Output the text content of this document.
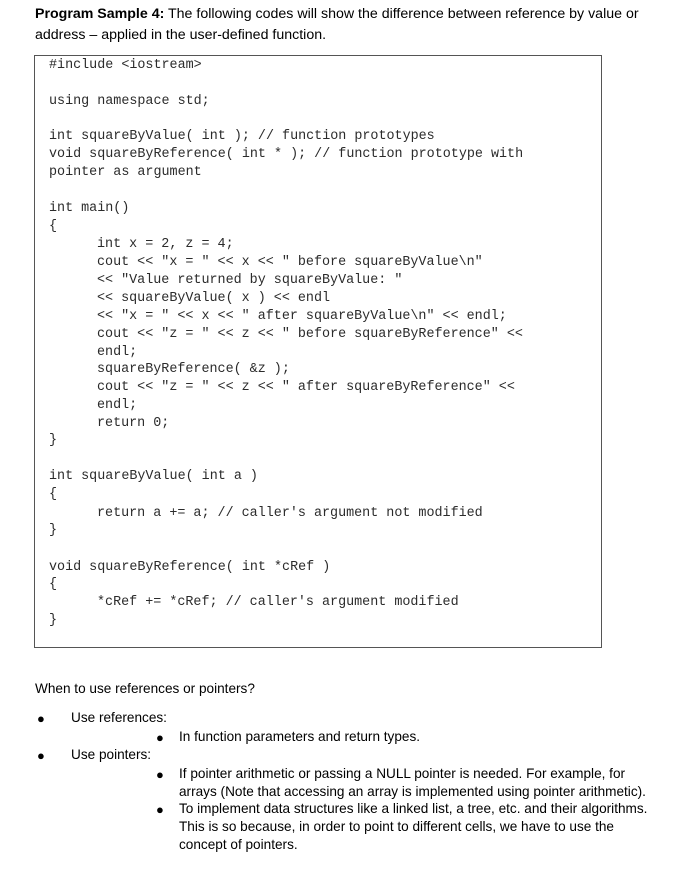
Program Sample 4: The following codes will show the difference between reference by value or address – applied in the user-defined function.
#include <iostream>
using namespace std;
int squareByValue( int ); // function prototypes
void squareByReference( int * ); // function prototype with
pointer as argument
int main()
{
int x = 2, z = 4;
cout << "x = " << x << " before squareByValue\n"
<< "Value returned by squareByValue: "
<< squareByValue( x ) << endl
<< "x = " << x << " after squareByValue\n" << endl;
cout << "z = " << z << " before squareByReference" <<
endl;
squareByReference( &z );
cout << "z = " << z << " after squareByReference" <<
endl;
return 0;
}
int squareByValue( int a )
{
return a += a; // caller's argument not modified
}
void squareByReference( int *cRef )
{
*cRef += *cRef; // caller's argument modified
}
When to use references or pointers?
● Use references:
● In function parameters and return types.
● Use pointers:
● If pointer arithmetic or passing a NULL pointer is needed. For example, for arrays (Note that accessing an array is implemented using pointer arithmetic).
● To implement data structures like a linked list, a tree, etc. and their algorithms. This is so because, in order to point to different cells, we have to use the concept of pointers.
